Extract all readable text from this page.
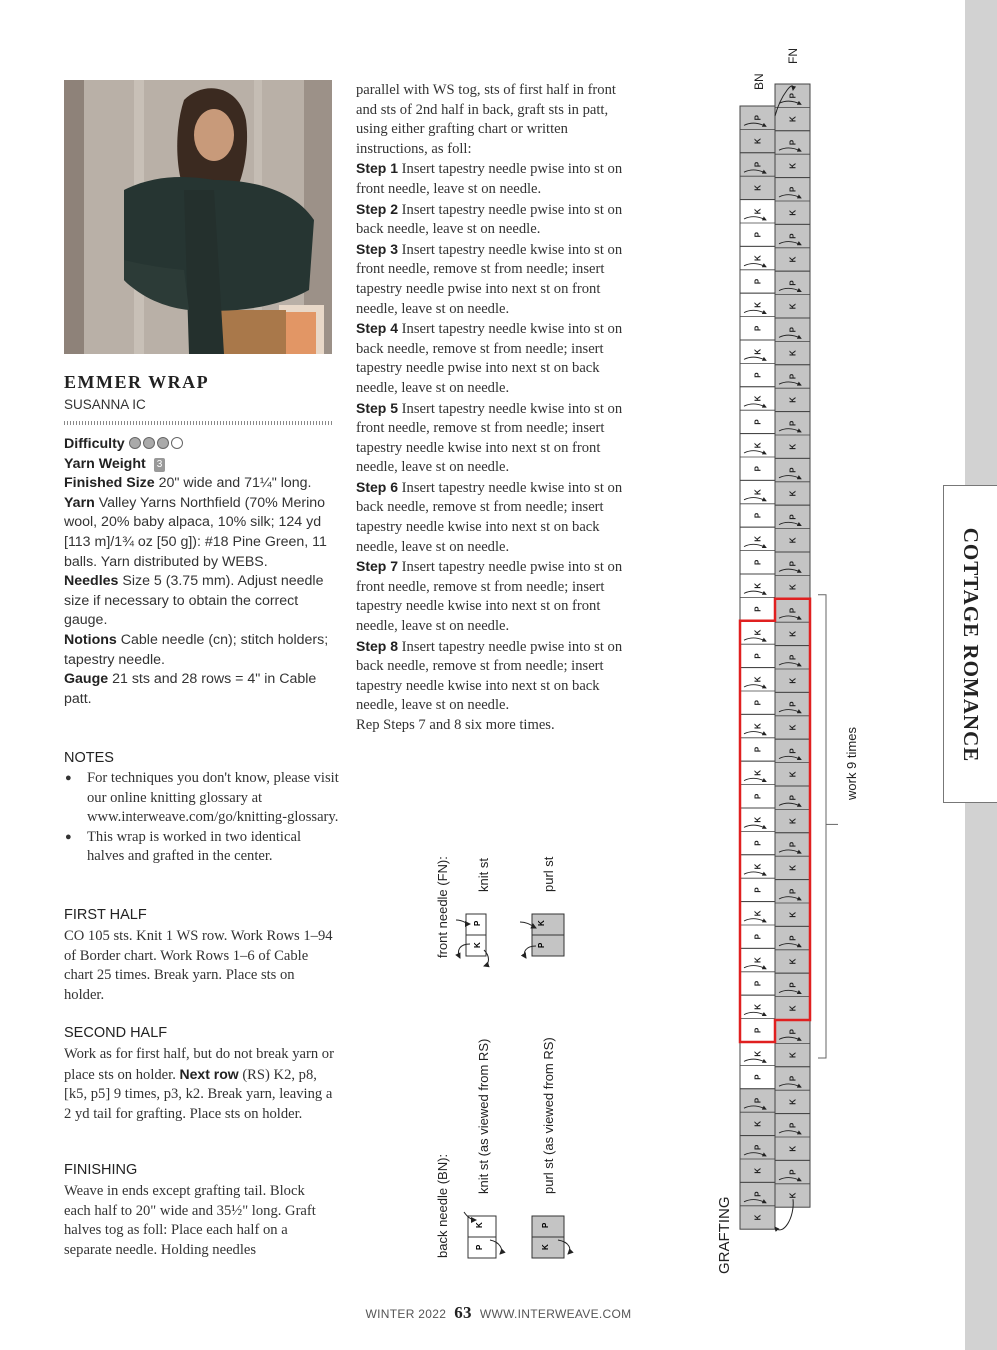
COTTAGE ROMANCE
EMMER WRAP
SUSANNA IC
Difficulty
Yarn Weight 3
Finished Size 20" wide and 71¼" long.
Yarn Valley Yarns Northfield (70% Merino wool, 20% baby alpaca, 10% silk; 124 yd [113 m]/1¾ oz [50 g]): #18 Pine Green, 11 balls. Yarn distributed by WEBS.
Needles Size 5 (3.75 mm). Adjust needle size if necessary to obtain the correct gauge.
Notions Cable needle (cn); stitch holders; tapestry needle.
Gauge 21 sts and 28 rows = 4" in Cable patt.
NOTES
● For techniques you don't know, please visit our online knitting glossary at www.interweave.com/go/knitting-glossary.
● This wrap is worked in two identical halves and grafted in the center.
FIRST HALF

CO 105 sts. Knit 1 WS row. Work Rows 1–94 of Border chart. Work Rows 1–6 of Cable chart 25 times. Break yarn. Place sts on holder.

SECOND HALF

Work as for first half, but do not break yarn or place sts on holder. Next row (RS) K2, p8, [k5, p5] 9 times, p3, k2. Break yarn, leaving a 2 yd tail for grafting. Place sts on holder.

FINISHING

Weave in ends except grafting tail. Block each half to 20" wide and 35½" long. Graft halves tog as foll: Place each half on a separate needle. Holding needles

parallel with WS tog, sts of first half in front and sts of 2nd half in back, graft sts in patt, using either grafting chart or written instructions, as foll:
Step 1 Insert tapestry needle pwise into st on front needle, leave st on needle.
Step 2 Insert tapestry needle pwise into st on back needle, leave st on needle.
Step 3 Insert tapestry needle kwise into st on front needle, remove st from needle; insert tapestry needle pwise into next st on front needle, leave st on needle.
Step 4 Insert tapestry needle kwise into st on back needle, remove st from needle; insert tapestry needle pwise into next st on back needle, leave st on needle.
Step 5 Insert tapestry needle kwise into st on front needle, remove st from needle; insert tapestry needle kwise into next st on front needle, leave st on needle.
Step 6 Insert tapestry needle kwise into st on back needle, remove st from needle; insert tapestry needle kwise into next st on back needle, leave st on needle.
Step 7 Insert tapestry needle pwise into st on front needle, remove st from needle; insert tapestry needle kwise into next st on front needle, leave st on needle.
Step 8 Insert tapestry needle pwise into st on back needle, remove st from needle; insert tapestry needle kwise into next st on back needle, leave st on needle.
Rep Steps 7 and 8 six more times.
front needle (FN): knit st	purl st
P
K
K
P
back needle (BN):
knit st (as viewed from RS)	purl st (as viewed from RS)
K
P
P
K
BN
FN
work 9 times
GRAFTING
P
K
P
K
K
P
K
P
K
P
K
P
K
P
K
P
K
P
K
P
K
P
K
P
K
P
K
P
K
P
K
P
K
P
K
P
K
P
K
P
K
P
P
K
P
K
P
K
P
K
P
K
P
K
P
K
P
K
P
K
P
K
P
K
P
K
P
K
P
K
P
K
P
K
P
K
P
K
P
K
P
K
P
K
P
K
P
K
P
K
P
K
P
K
P
K
WINTER 2022 63 WWW.INTERWEAVE.COM
